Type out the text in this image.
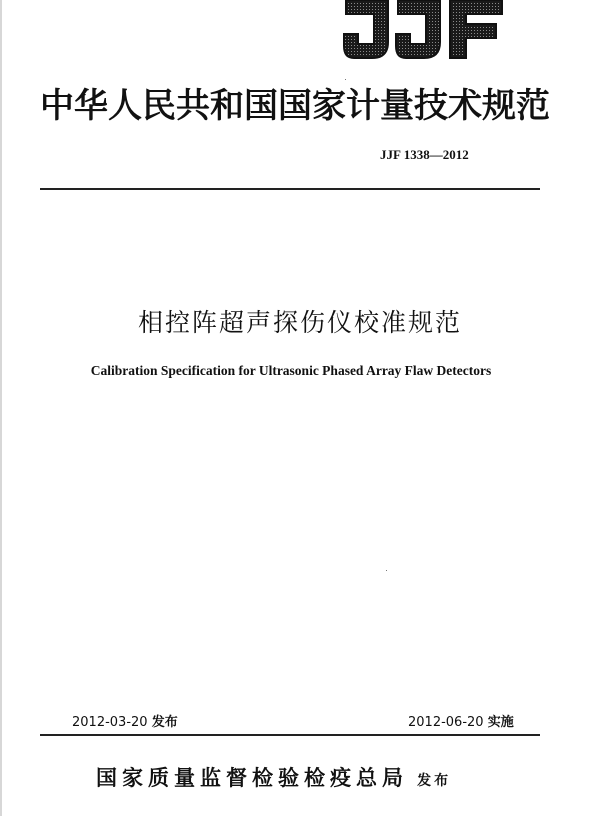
中华人民共和国国家计量技术规范
JJF 1338—2012
相控阵超声探伤仪校准规范
Calibration Specification for Ultrasonic Phased Array Flaw Detectors
2012-03-20 发布	2012-06-20 实施
国家质量监督检验检疫总局 发布
